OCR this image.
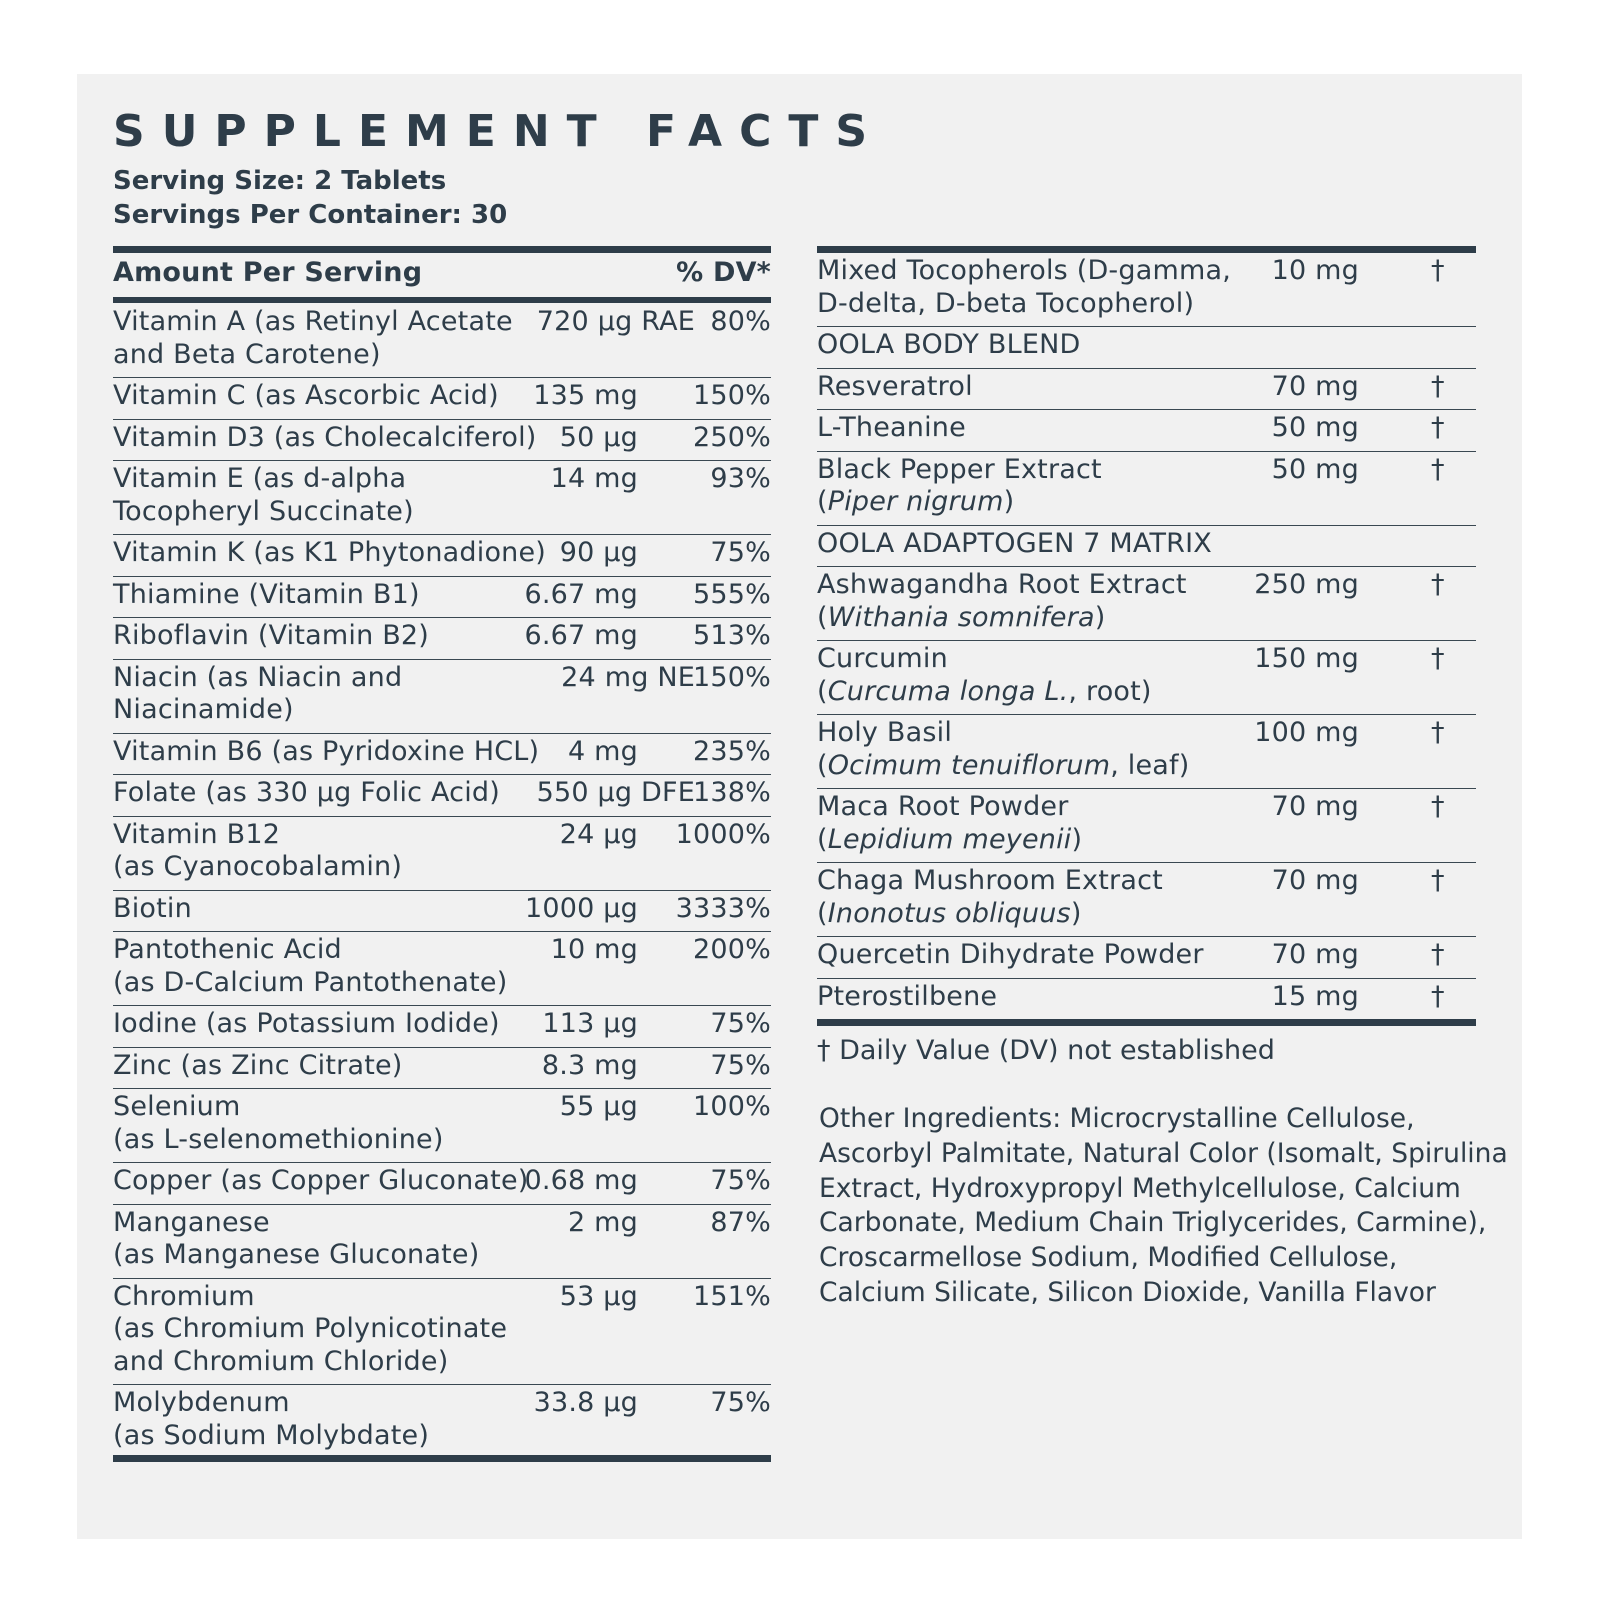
SUPPLEMENT FACTS
Serving Size: 2 Tablets
Servings Per Container: 30
Amount Per Serving	% DV*
Vitamin A (as Retinyl Acetate
and Beta Carotene)
720 µg RAE 80%
Vitamin C (as Ascorbic Acid)	135 mg 150%
Vitamin D3 (as Cholecalciferol) 50 µg 250%
Vitamin E (as d-alpha
Tocopheryl Succinate)
14 mg	93%
Vitamin K (as K1 Phytonadione) 90 µg	75%
Thiamine (Vitamin B1)	6.67 mg 555%
Riboflavin (Vitamin B2)	6.67 mg 513%
Niacin (as Niacin and
Niacinamide)
24 mg NE
150%
Vitamin B6 (as Pyridoxine HCL)	4 mg 235%
Folate (as 330 µg Folic Acid)	550 µg DFE
138%
Vitamin B12
(as Cyanocobalamin)
24 µg 1000%
Biotin	1000 µg 3333%
Pantothenic Acid
(as D-Calcium Pantothenate)
10 mg 200%
Iodine (as Potassium Iodide)	113 µg	75%
Zinc (as Zinc Citrate)	8.3 mg	75%
Selenium
(as L-selenomethionine)
55 µg 100%
Copper (as Copper Gluconate)
0.68 mg	75%
Manganese
(as Manganese Gluconate)
2 mg	87%
Chromium
(as Chromium Polynicotinate
and Chromium Chloride)
53 µg 151%
Molybdenum
(as Sodium Molybdate)
33.8 µg	75%
Mixed Tocopherols (D-gamma,
D-delta, D-beta Tocopherol)
10 mg	†
OOLA BODY BLEND
Resveratrol	70 mg	†
L-Theanine	50 mg	†
Black Pepper Extract
(Piper nigrum)
50 mg	†
OOLA ADAPTOGEN 7 MATRIX
Ashwagandha Root Extract
(Withania somnifera)
250 mg	†
Curcumin
(Curcuma longa L., root)
150 mg	†
Holy Basil
(Ocimum tenuiflorum, leaf)
100 mg	†
Maca Root Powder
(Lepidium meyenii)
70 mg	†
Chaga Mushroom Extract
(Inonotus obliquus)
70 mg	†
Quercetin Dihydrate Powder	70 mg	†
Pterostilbene	15 mg	†
† Daily Value (DV) not established
Other Ingredients: Microcrystalline Cellulose,
Ascorbyl Palmitate, Natural Color (Isomalt, Spirulina
Extract, Hydroxypropyl Methylcellulose, Calcium
Carbonate, Medium Chain Triglycerides, Carmine),
Croscarmellose Sodium, Modified Cellulose,
Calcium Silicate, Silicon Dioxide, Vanilla Flavor
